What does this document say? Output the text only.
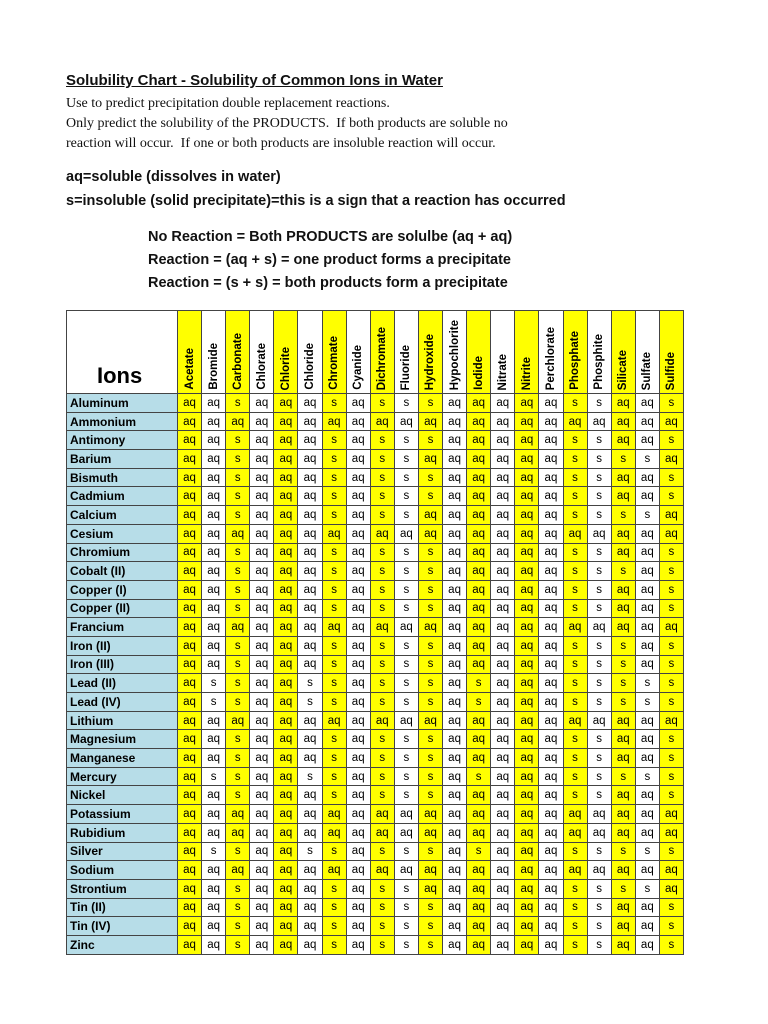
Solubility Chart - Solubility of Common Ions in Water
Use to predict precipitation double replacement reactions.
Only predict the solubility of the PRODUCTS.  If both products are soluble no
reaction will occur.  If one or both products are insoluble reaction will occur.
aq=soluble (dissolves in water)
s=insoluble (solid precipitate)=this is a sign that a reaction has occurred
No Reaction = Both PRODUCTS are solulbe (aq + aq)
Reaction = (aq + s) = one product forms a precipitate
Reaction = (s + s) = both products form a precipitate
Ions	Acetate	Bromide	Carbonate	Chlorate	Chlorite	Chloride	Chromate	Cyanide	Dichromate	Fluoride	Hydroxide	Hypochlorite	Iodide	Nitrate	Nitrite	Perchlorate	Phosphate	Phosphite	Silicate	Sulfate	Sulfide

Aluminum	aq	aq	s	aq	aq	aq	s	aq	s	s	s	aq	aq	aq	aq	aq	s	s	aq	aq	s
Ammonium	aq	aq	aq	aq	aq	aq	aq	aq	aq	aq	aq	aq	aq	aq	aq	aq	aq	aq	aq	aq	aq
Antimony	aq	aq	s	aq	aq	aq	s	aq	s	s	s	aq	aq	aq	aq	aq	s	s	aq	aq	s
Barium	aq	aq	s	aq	aq	aq	s	aq	s	s	aq	aq	aq	aq	aq	aq	s	s	s	s	aq
Bismuth	aq	aq	s	aq	aq	aq	s	aq	s	s	s	aq	aq	aq	aq	aq	s	s	aq	aq	s
Cadmium	aq	aq	s	aq	aq	aq	s	aq	s	s	s	aq	aq	aq	aq	aq	s	s	aq	aq	s
Calcium	aq	aq	s	aq	aq	aq	s	aq	s	s	aq	aq	aq	aq	aq	aq	s	s	s	s	aq
Cesium	aq	aq	aq	aq	aq	aq	aq	aq	aq	aq	aq	aq	aq	aq	aq	aq	aq	aq	aq	aq	aq
Chromium	aq	aq	s	aq	aq	aq	s	aq	s	s	s	aq	aq	aq	aq	aq	s	s	aq	aq	s
Cobalt (II)	aq	aq	s	aq	aq	aq	s	aq	s	s	s	aq	aq	aq	aq	aq	s	s	s	aq	s
Copper (I)	aq	aq	s	aq	aq	aq	s	aq	s	s	s	aq	aq	aq	aq	aq	s	s	aq	aq	s
Copper (II)	aq	aq	s	aq	aq	aq	s	aq	s	s	s	aq	aq	aq	aq	aq	s	s	aq	aq	s
Francium	aq	aq	aq	aq	aq	aq	aq	aq	aq	aq	aq	aq	aq	aq	aq	aq	aq	aq	aq	aq	aq
Iron (II)	aq	aq	s	aq	aq	aq	s	aq	s	s	s	aq	aq	aq	aq	aq	s	s	s	aq	s
Iron (III)	aq	aq	s	aq	aq	aq	s	aq	s	s	s	aq	aq	aq	aq	aq	s	s	s	aq	s
Lead (II)	aq	s	s	aq	aq	s	s	aq	s	s	s	aq	s	aq	aq	aq	s	s	s	s	s
Lead (IV)	aq	s	s	aq	aq	s	s	aq	s	s	s	aq	s	aq	aq	aq	s	s	s	s	s
Lithium	aq	aq	aq	aq	aq	aq	aq	aq	aq	aq	aq	aq	aq	aq	aq	aq	aq	aq	aq	aq	aq
Magnesium	aq	aq	s	aq	aq	aq	s	aq	s	s	s	aq	aq	aq	aq	aq	s	s	aq	aq	s
Manganese	aq	aq	s	aq	aq	aq	s	aq	s	s	s	aq	aq	aq	aq	aq	s	s	aq	aq	s
Mercury	aq	s	s	aq	aq	s	s	aq	s	s	s	aq	s	aq	aq	aq	s	s	s	s	s
Nickel	aq	aq	s	aq	aq	aq	s	aq	s	s	s	aq	aq	aq	aq	aq	s	s	aq	aq	s
Potassium	aq	aq	aq	aq	aq	aq	aq	aq	aq	aq	aq	aq	aq	aq	aq	aq	aq	aq	aq	aq	aq
Rubidium	aq	aq	aq	aq	aq	aq	aq	aq	aq	aq	aq	aq	aq	aq	aq	aq	aq	aq	aq	aq	aq
Silver	aq	s	s	aq	aq	s	s	aq	s	s	s	aq	s	aq	aq	aq	s	s	s	s	s
Sodium	aq	aq	aq	aq	aq	aq	aq	aq	aq	aq	aq	aq	aq	aq	aq	aq	aq	aq	aq	aq	aq
Strontium	aq	aq	s	aq	aq	aq	s	aq	s	s	aq	aq	aq	aq	aq	aq	s	s	s	s	aq
Tin (II)	aq	aq	s	aq	aq	aq	s	aq	s	s	s	aq	aq	aq	aq	aq	s	s	aq	aq	s
Tin (IV)	aq	aq	s	aq	aq	aq	s	aq	s	s	s	aq	aq	aq	aq	aq	s	s	aq	aq	s
Zinc	aq	aq	s	aq	aq	aq	s	aq	s	s	s	aq	aq	aq	aq	aq	s	s	aq	aq	s
